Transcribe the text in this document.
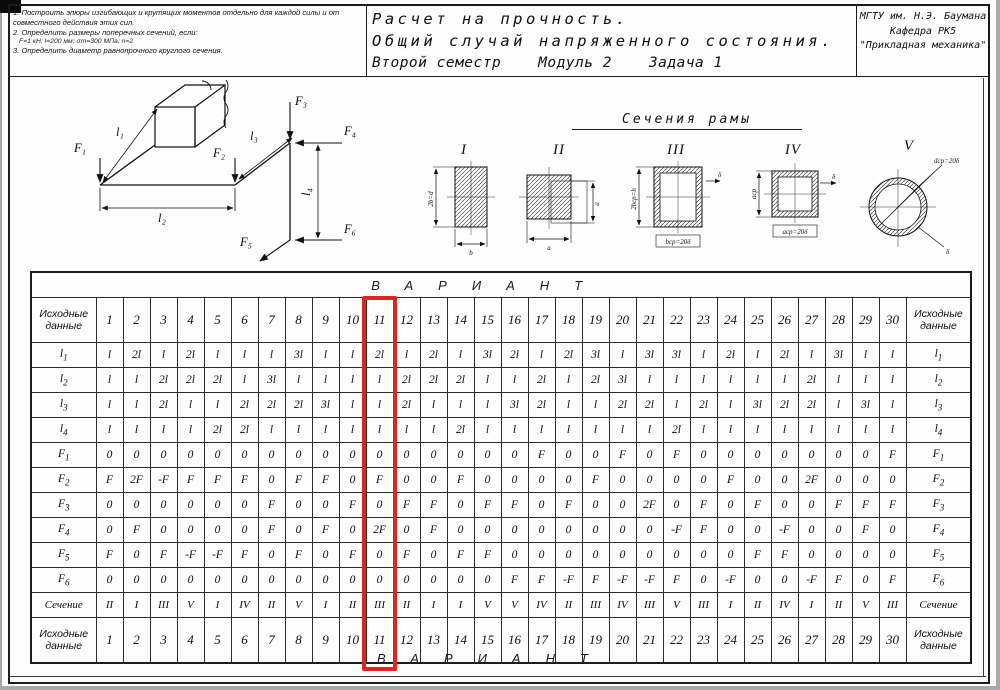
1. Построить эпюры изгибающих и крутящих моментов отдельно для каждой силы и от совместного действия этих сил.
2. Определить размеры поперечных сечений, если:
F=1 кН; l=200 мм; σт=300 МПа; n=2
3. Определить диаметр равнопрочного круглого сечения.
Расчет на прочность.
Общий случай напряженного состояния.
Второй семестр    Модуль 2    Задача 1
МГТУ им. Н.Э. Баумана
Кафедра РК5
"Прикладная механика"
F₁	F₂
F₃
F₄
F₆
F₅
l₁
l₂
l₃
l₄
Сечения рамы
I
2b=d
b
II
a
a
III
2bср=h
bср=20δ
δ
IV
aср
aср=20δ
δ
V
dср=20δ
δ
ВАРИАНТ																															

Исходные данные	1	2	3	4	5	6	7	8	9	10	11	12	13	14	15	16	17	18	19	20	21	22	23	24	25	26	27	28	29	30	Исходные данные
$l_1$	l	2l	l	2l	l	l	l	3l	l	l	2l	l	2l	l	3l	2l	l	2l	3l	l	3l	3l	l	2l	l	2l	l	3l	l	l	$l_1$
$l_2$	l	l	2l	2l	2l	l	3l	l	l	l	l	2l	2l	2l	l	l	2l	l	2l	3l	l	l	l	l	l	l	2l	l	l	l	$l_2$
$l_3$	l	l	2l	l	l	2l	2l	2l	3l	l	l	2l	l	l	l	3l	2l	l	l	2l	2l	l	2l	l	3l	2l	2l	l	3l	l	$l_3$
$l_4$	l	l	l	l	2l	2l	l	l	l	l	l	l	l	2l	l	l	l	l	l	l	l	2l	l	l	l	l	l	l	l	l	$l_4$
$F_1$	0	0	0	0	0	0	0	0	0	0	0	0	0	0	0	0	F	0	0	F	0	F	0	0	0	0	0	0	0	F	$F_1$
$F_2$	F	2F	-F	F	F	F	0	F	F	0	F	0	0	F	0	0	0	0	F	0	0	0	0	F	0	0	2F	0	0	0	$F_2$
$F_3$	0	0	0	0	0	0	F	0	0	F	0	F	F	0	F	F	0	F	0	0	2F	0	F	0	F	0	0	F	F	F	$F_3$
$F_4$	0	F	0	0	0	0	F	0	F	0	2F	0	F	0	0	0	0	0	0	0	0	-F	F	0	0	-F	0	0	F	0	$F_4$
$F_5$	F	0	F	-F	-F	F	0	F	0	F	0	F	0	F	F	0	0	0	0	0	0	0	0	0	F	F	0	0	0	0	$F_5$
$F_6$	0	0	0	0	0	0	0	0	0	0	0	0	0	0	0	F	F	-F	F	-F	-F	F	0	-F	0	0	-F	F	0	F	$F_6$
Сечение	II	I	III	V	I	IV	II	V	I	II	III	II	I	I	V	V	IV	II	III	IV	III	V	III	I	II	IV	I	II	V	III	Сечение
Исходные данные	1	2	3	4	5	6	7	8	9	10	11	12	13	14	15	16	17	18	19	20	21	22	23	24	25	26	27	28	29	30	Исходные данные
ВАРИАНТ
